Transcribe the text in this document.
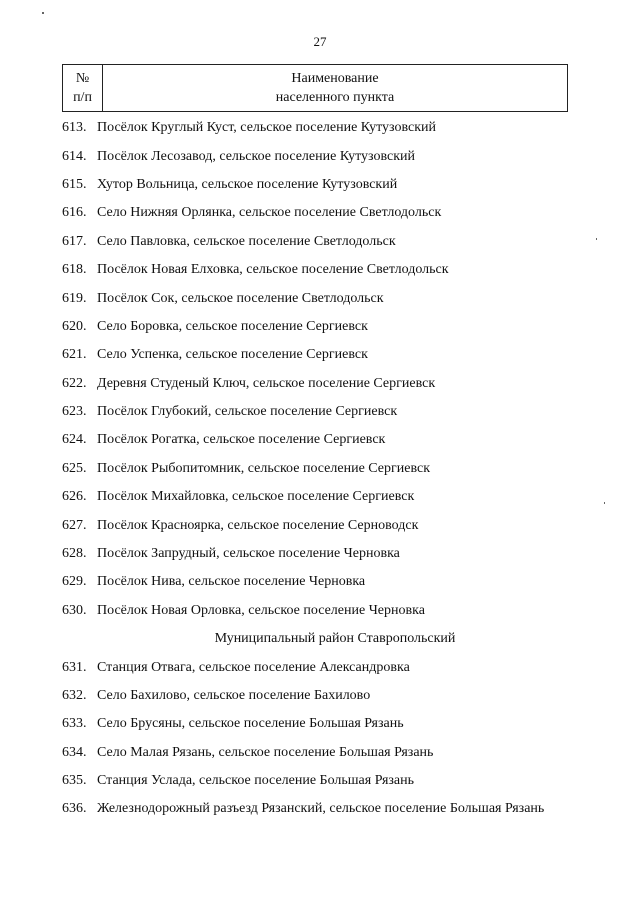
27
№
п/п
Наименование
населенного пункта
613. Посёлок Круглый Куст, сельское поселение Кутузовский
614. Посёлок Лесозавод, сельское поселение Кутузовский
615. Хутор Вольница, сельское поселение Кутузовский
616. Село Нижняя Орлянка, сельское поселение Светлодольск
617. Село Павловка, сельское поселение Светлодольск
618. Посёлок Новая Елховка, сельское поселение Светлодольск
619. Посёлок Сок, сельское поселение Светлодольск
620. Село Боровка, сельское поселение Сергиевск
621. Село Успенка, сельское поселение Сергиевск
622. Деревня Студеный Ключ, сельское поселение Сергиевск
623. Посёлок Глубокий, сельское поселение Сергиевск
624. Посёлок Рогатка, сельское поселение Сергиевск
625. Посёлок Рыбопитомник, сельское поселение Сергиевск
626. Посёлок Михайловка, сельское поселение Сергиевск
627. Посёлок Красноярка, сельское поселение Серноводск
628. Посёлок Запрудный, сельское поселение Черновка
629. Посёлок Нива, сельское поселение Черновка
630. Посёлок Новая Орловка, сельское поселение Черновка
Муниципальный район Ставропольский
631. Станция Отвага, сельское поселение Александровка
632. Село Бахилово, сельское поселение Бахилово
633. Село Брусяны, сельское поселение Большая Рязань
634. Село Малая Рязань, сельское поселение Большая Рязань
635. Станция Услада, сельское поселение Большая Рязань
636. Железнодорожный разъезд Рязанский, сельское поселение Большая Рязань
